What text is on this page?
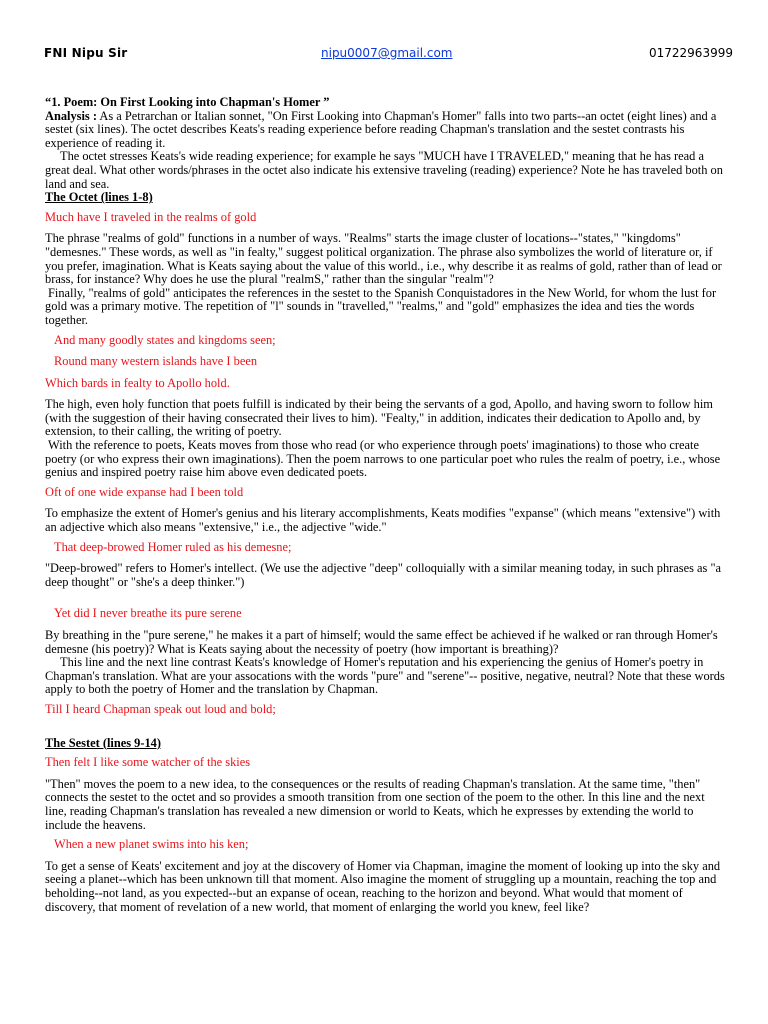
FNI Nipu Sir	nipu0007@gmail.com	01722963999

“1. Poem: On First Looking into Chapman's Homer ”

Analysis : As a Petrarchan or Italian sonnet, "On First Looking into Chapman's Homer" falls into two parts--an octet (eight lines) and a sestet (six lines). The octet describes Keats's reading experience before reading Chapman's translation and the sestet contrasts his experience of reading it.

The octet stresses Keats's wide reading experience; for example he says "MUCH have I TRAVELED," meaning that he has read a great deal. What other words/phrases in the octet also indicate his extensive traveling (reading) experience? Note he has traveled both on land and sea.

The Octet (lines 1-8)

Much have I traveled in the realms of gold

The phrase "realms of gold" functions in a number of ways. "Realms" starts the image cluster of locations--"states," "kingdoms" "demesnes." These words, as well as "in fealty," suggest political organization. The phrase also symbolizes the world of literature or, if you prefer, imagination. What is Keats saying about the value of this world., i.e., why describe it as realms of gold, rather than of lead or brass, for instance? Why does he use the plural "realmS," rather than the singular "realm"?

Finally, "realms of gold" anticipates the references in the sestet to the Spanish Conquistadores in the New World, for whom the lust for gold was a primary motive. The repetition of "l" sounds in "travelled," "realms," and "gold" emphasizes the idea and ties the words together.

And many goodly states and kingdoms seen;

Round many western islands have I been

Which bards in fealty to Apollo hold.

The high, even holy function that poets fulfill is indicated by their being the servants of a god, Apollo, and having sworn to follow him (with the suggestion of their having consecrated their lives to him). "Fealty," in addition, indicates their dedication to Apollo and, by extension, to their calling, the writing of poetry.

With the reference to poets, Keats moves from those who read (or who experience through poets' imaginations) to those who create poetry (or who express their own imaginations). Then the poem narrows to one particular poet who rules the realm of poetry, i.e., whose genius and inspired poetry raise him above even dedicated poets.

Oft of one wide expanse had I been told

To emphasize the extent of Homer's genius and his literary accomplishments, Keats modifies "expanse" (which means "extensive") with an adjective which also means "extensive," i.e., the adjective "wide."

That deep-browed Homer ruled as his demesne;

"Deep-browed" refers to Homer's intellect. (We use the adjective "deep" colloquially with a similar meaning today, in such phrases as "a deep thought" or "she's a deep thinker.")

Yet did I never breathe its pure serene

By breathing in the "pure serene," he makes it a part of himself; would the same effect be achieved if he walked or ran through Homer's demesne (his poetry)? What is Keats saying about the necessity of poetry (how important is breathing)?

This line and the next line contrast Keats's knowledge of Homer's reputation and his experiencing the genius of Homer's poetry in Chapman's translation. What are your assocations with the words "pure" and "serene"-- positive, negative, neutral? Note that these words apply to both the poetry of Homer and the translation by Chapman.

Till I heard Chapman speak out loud and bold;

The Sestet (lines 9-14)

Then felt I like some watcher of the skies

"Then" moves the poem to a new idea, to the consequences or the results of reading Chapman's translation. At the same time, "then" connects the sestet to the octet and so provides a smooth transition from one section of the poem to the other. In this line and the next line, reading Chapman's translation has revealed a new dimension or world to Keats, which he expresses by extending the world to include the heavens.

When a new planet swims into his ken;

To get a sense of Keats' excitement and joy at the discovery of Homer via Chapman, imagine the moment of looking up into the sky and seeing a planet--which has been unknown till that moment. Also imagine the moment of struggling up a mountain, reaching the top and beholding--not land, as you expected--but an expanse of ocean, reaching to the horizon and beyond. What would that moment of discovery, that moment of revelation of a new world, that moment of enlarging the world you knew, feel like?
